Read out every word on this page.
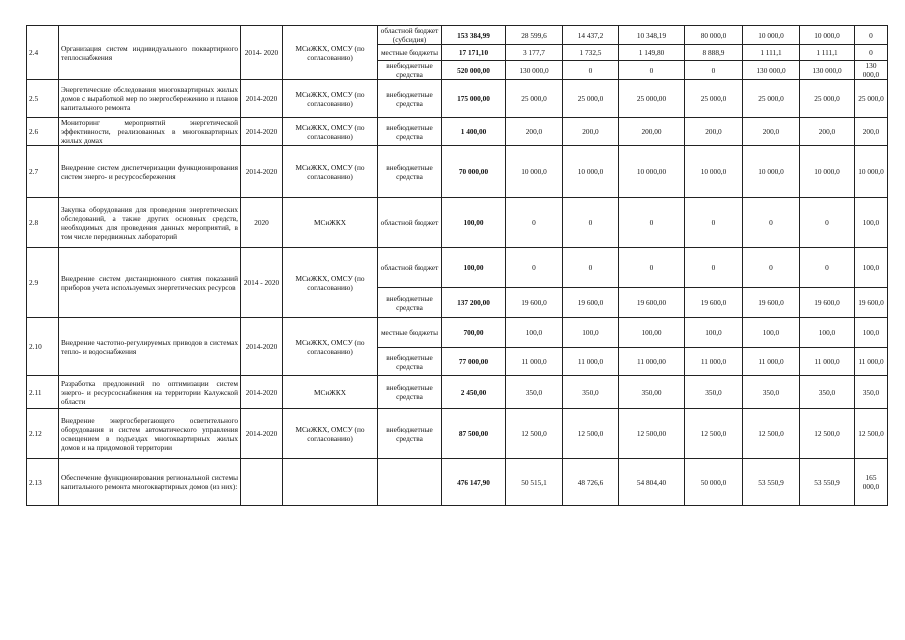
2.4	Организация систем индивидуального поквартирного теплоснабжения	2014- 2020	МСиЖКХ, ОМСУ (по согласованию)	областной бюджет (субсидия)	153 384,99	28 599,6	14 437,2	10 348,19	80 000,0	10 000,0	10 000,0	0
				местные бюджеты	17 171,10	3 177,7	1 732,5	1 149,80	8 888,9	1 111,1	1 111,1	0
				внебюджетные средства	520 000,00	130 000,0	0	0	0	130 000,0	130 000,0	130 000,0
2.5	Энергетические обследования многоквартирных жилых домов с выработкой мер по энергосбережению и планов капитального ремонта	2014-2020	МСиЖКХ, ОМСУ (по согласованию)	внебюджетные средства	175 000,00	25 000,0	25 000,0	25 000,00	25 000,0	25 000,0	25 000,0	25 000,0
2.6	Мониторинг мероприятий энергетической эффективности, реализованных в многоквартирных жилых домах	2014-2020	МСиЖКХ, ОМСУ (по согласованию)	внебюджетные средства	1 400,00	200,0	200,0	200,00	200,0	200,0	200,0	200,0
2.7	Внедрение систем диспетчеризации функционирования систем энерго- и ресурсосбережения	2014-2020	МСиЖКХ, ОМСУ (по согласованию)	внебюджетные средства	70 000,00	10 000,0	10 000,0	10 000,00	10 000,0	10 000,0	10 000,0	10 000,0
2.8	Закупка оборудования для проведения энергетических обследований, а также других основных средств, необходимых для проведения данных мероприятий, в том числе передвижных лабораторий	2020	МСиЖКХ	областной бюджет	100,00	0	0	0	0	0	0	100,0
2.9	Внедрение систем дистанционного снятия показаний приборов учета используемых энергетических ресурсов	2014 - 2020	МСиЖКХ, ОМСУ (по согласованию)	областной бюджет	100,00	0	0	0	0	0	0	100,0
				внебюджетные средства	137 200,00	19 600,0	19 600,0	19 600,00	19 600,0	19 600,0	19 600,0	19 600,0
2.10	Внедрение частотно-регулируемых приводов в системах тепло- и водоснабжения	2014-2020	МСиЖКХ, ОМСУ (по согласованию)	местные бюджеты	700,00	100,0	100,0	100,00	100,0	100,0	100,0	100,0
				внебюджетные средства	77 000,00	11 000,0	11 000,0	11 000,00	11 000,0	11 000,0	11 000,0	11 000,0
2.11	Разработка предложений по оптимизации систем энерго- и ресурсоснабжения на территории Калужской области	2014-2020	МСиЖКХ	внебюджетные средства	2 450,00	350,0	350,0	350,00	350,0	350,0	350,0	350,0
2.12	Внедрение энергосберегающего осветительного оборудования и систем автоматического управления освещением в подъездах многоквартирных жилых домов и на придомовой территории	2014-2020	МСиЖКХ, ОМСУ (по согласованию)	внебюджетные средства	87 500,00	12 500,0	12 500,0	12 500,00	12 500,0	12 500,0	12 500,0	12 500,0
2.13	Обеспечение функционирования региональной системы капитального ремонта многоквартирных домов (из них):				476 147,90	50 515,1	48 726,6	54 804,40	50 000,0	53 550,9	53 550,9	165 000,0
